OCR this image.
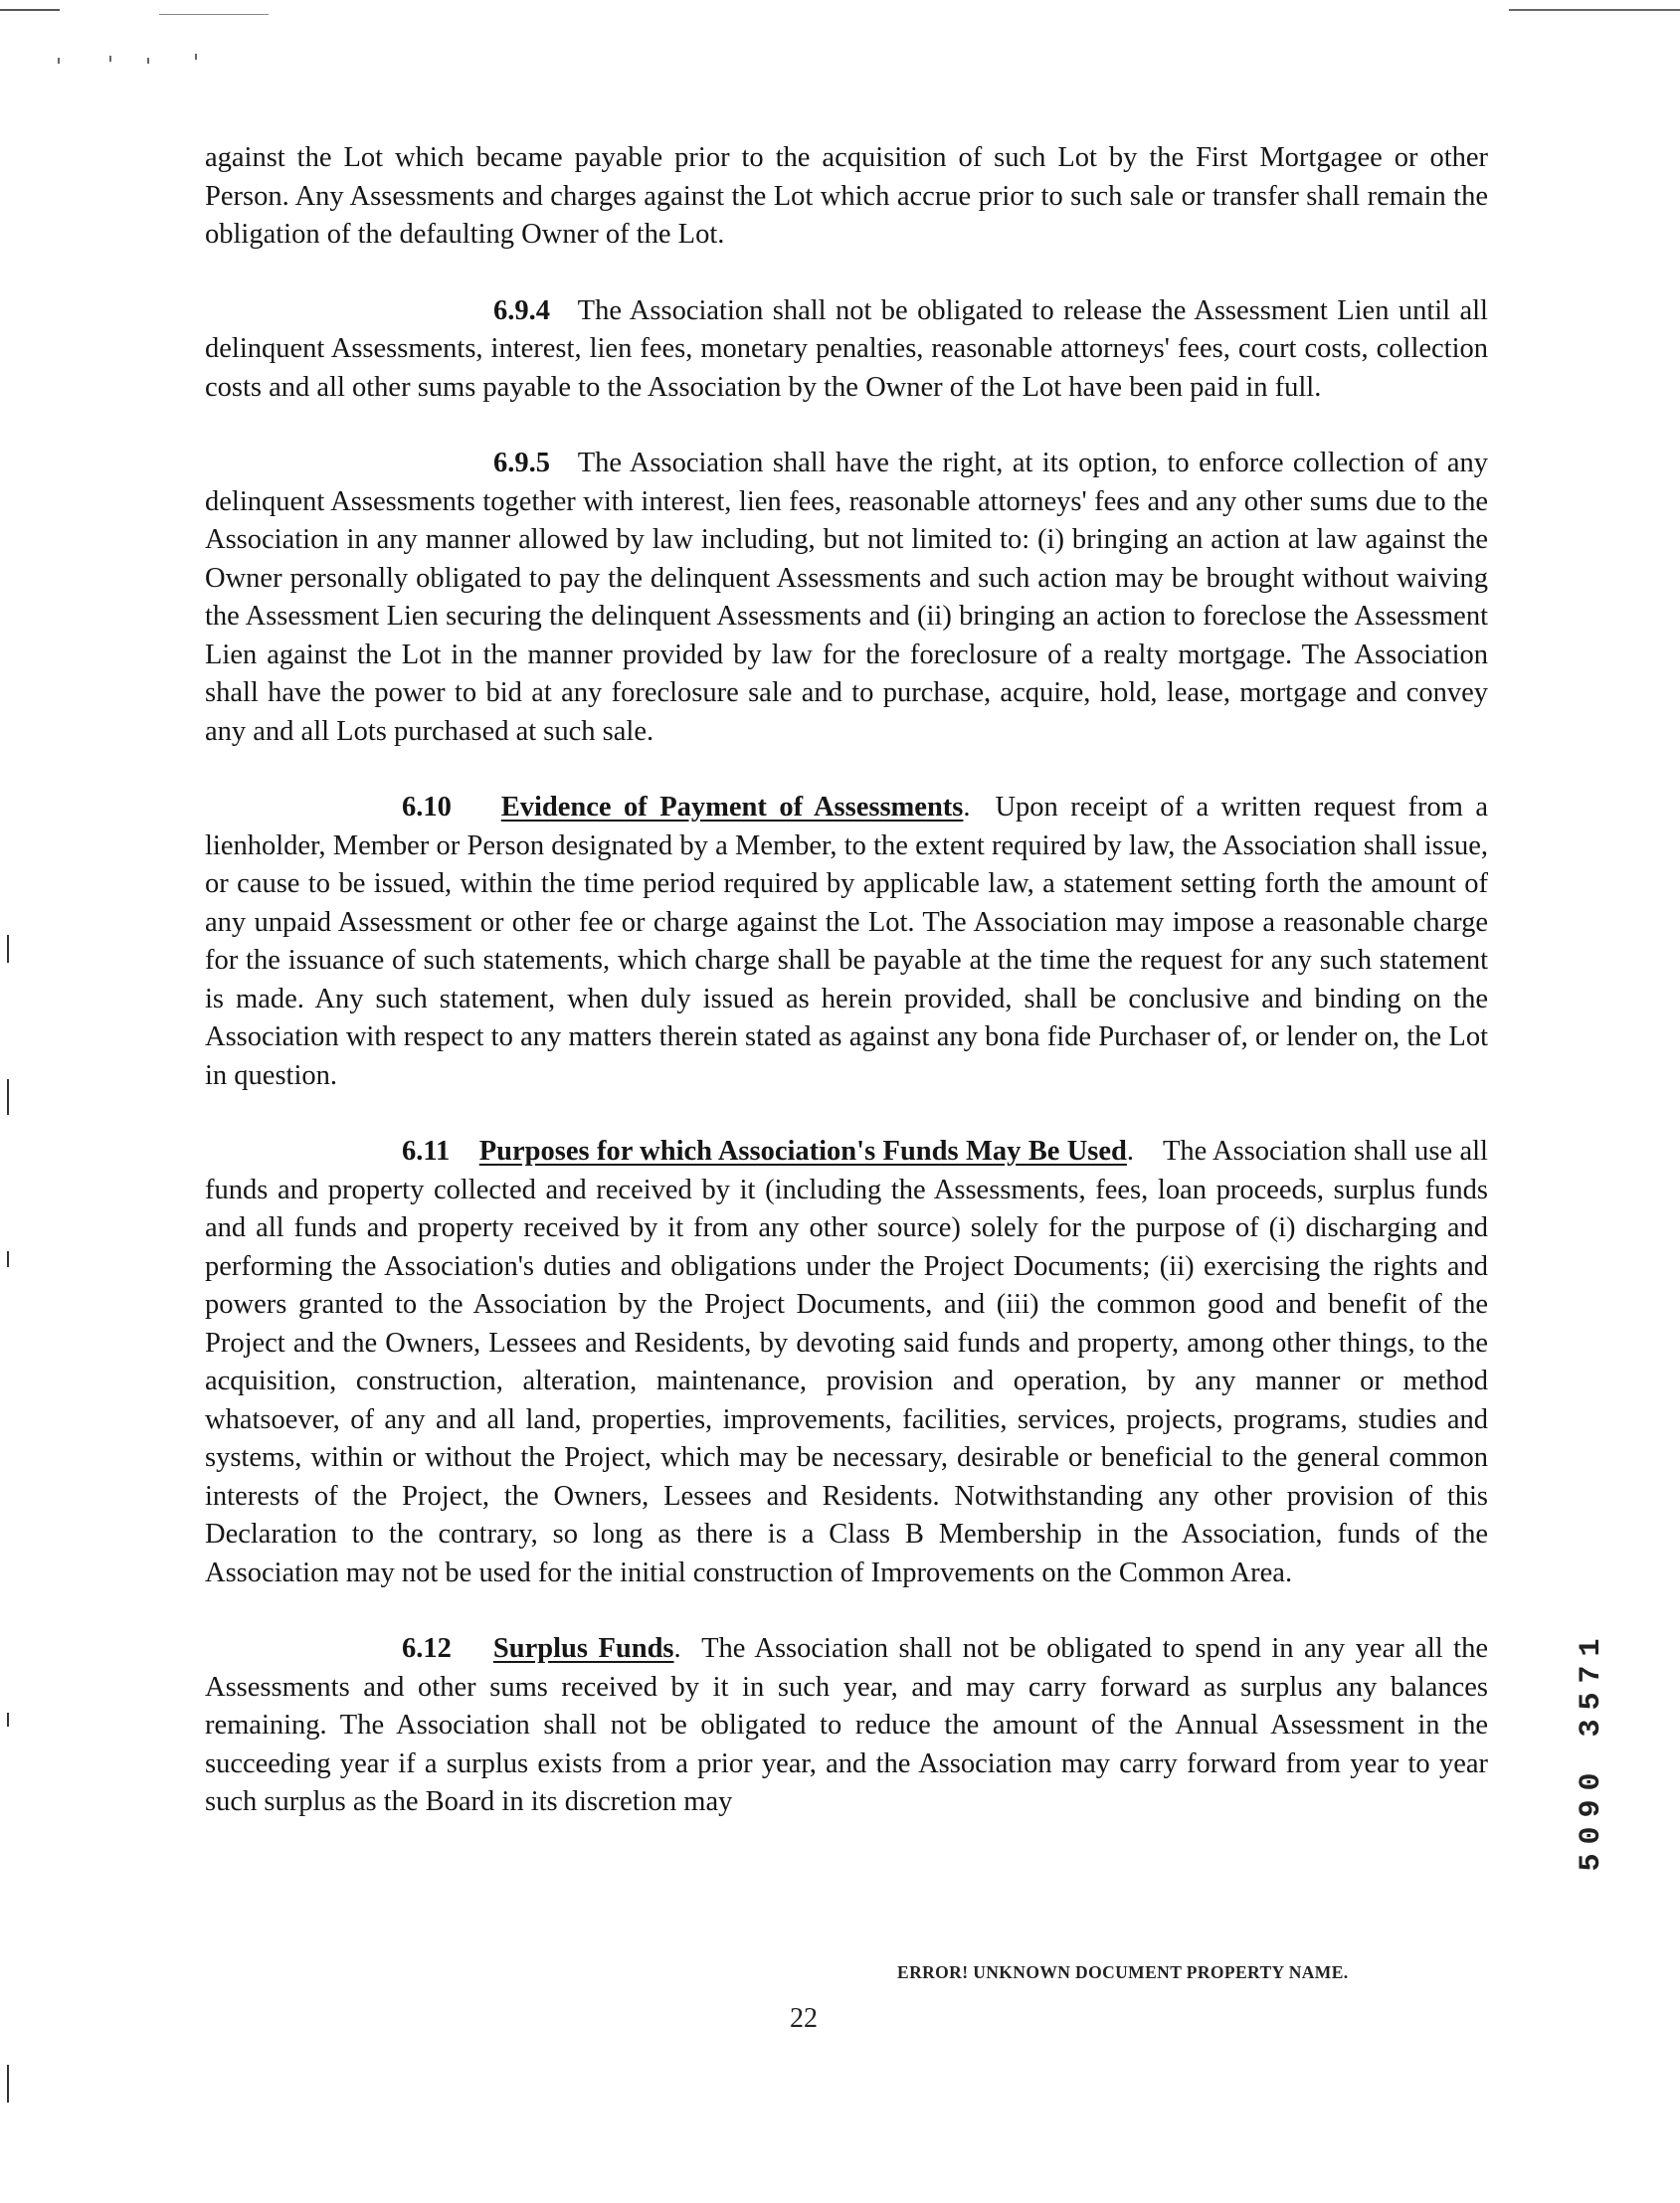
against the Lot which became payable prior to the acquisition of such Lot by the First Mortgagee or other Person. Any Assessments and charges against the Lot which accrue prior to such sale or transfer shall remain the obligation of the defaulting Owner of the Lot.

6.9.4 The Association shall not be obligated to release the Assessment Lien until all delinquent Assessments, interest, lien fees, monetary penalties, reasonable attorneys' fees, court costs, collection costs and all other sums payable to the Association by the Owner of the Lot have been paid in full.

6.9.5 The Association shall have the right, at its option, to enforce collection of any delinquent Assessments together with interest, lien fees, reasonable attorneys' fees and any other sums due to the Association in any manner allowed by law including, but not limited to: (i) bringing an action at law against the Owner personally obligated to pay the delinquent Assessments and such action may be brought without waiving the Assessment Lien securing the delinquent Assessments and (ii) bringing an action to foreclose the Assessment Lien against the Lot in the manner provided by law for the foreclosure of a realty mortgage. The Association shall have the power to bid at any foreclosure sale and to purchase, acquire, hold, lease, mortgage and convey any and all Lots purchased at such sale.

6.10 Evidence of Payment of Assessments.  Upon receipt of a written request from a lienholder, Member or Person designated by a Member, to the extent required by law, the Association shall issue, or cause to be issued, within the time period required by applicable law, a statement setting forth the amount of any unpaid Assessment or other fee or charge against the Lot. The Association may impose a reasonable charge for the issuance of such statements, which charge shall be payable at the time the request for any such statement is made. Any such statement, when duly issued as herein provided, shall be conclusive and binding on the Association with respect to any matters therein stated as against any bona fide Purchaser of, or lender on, the Lot in question.

6.11 Purposes for which Association's Funds May Be Used.    The Association shall use all funds and property collected and received by it (including the Assessments, fees, loan proceeds, surplus funds and all funds and property received by it from any other source) solely for the purpose of (i) discharging and performing the Association's duties and obligations under the Project Documents; (ii) exercising the rights and powers granted to the Association by the Project Documents, and (iii) the common good and benefit of the Project and the Owners, Lessees and Residents, by devoting said funds and property, among other things, to the acquisition, construction, alteration, maintenance, provision and operation, by any manner or method whatsoever, of any and all land, properties, improvements, facilities, services, projects, programs, studies and systems, within or without the Project, which may be necessary, desirable or beneficial to the general common interests of the Project, the Owners, Lessees and Residents. Notwithstanding any other provision of this Declaration to the contrary, so long as there is a Class B Membership in the Association, funds of the Association may not be used for the initial construction of Improvements on the Common Area.

6.12 Surplus Funds.  The Association shall not be obligated to spend in any year all the Assessments and other sums received by it in such year, and may carry forward as surplus any balances remaining. The Association shall not be obligated to reduce the amount of the Annual Assessment in the succeeding year if a surplus exists from a prior year, and the Association may carry forward from year to year such surplus as the Board in its discretion may

ERROR! UNKNOWN DOCUMENT PROPERTY NAME.
22
5090 3571
